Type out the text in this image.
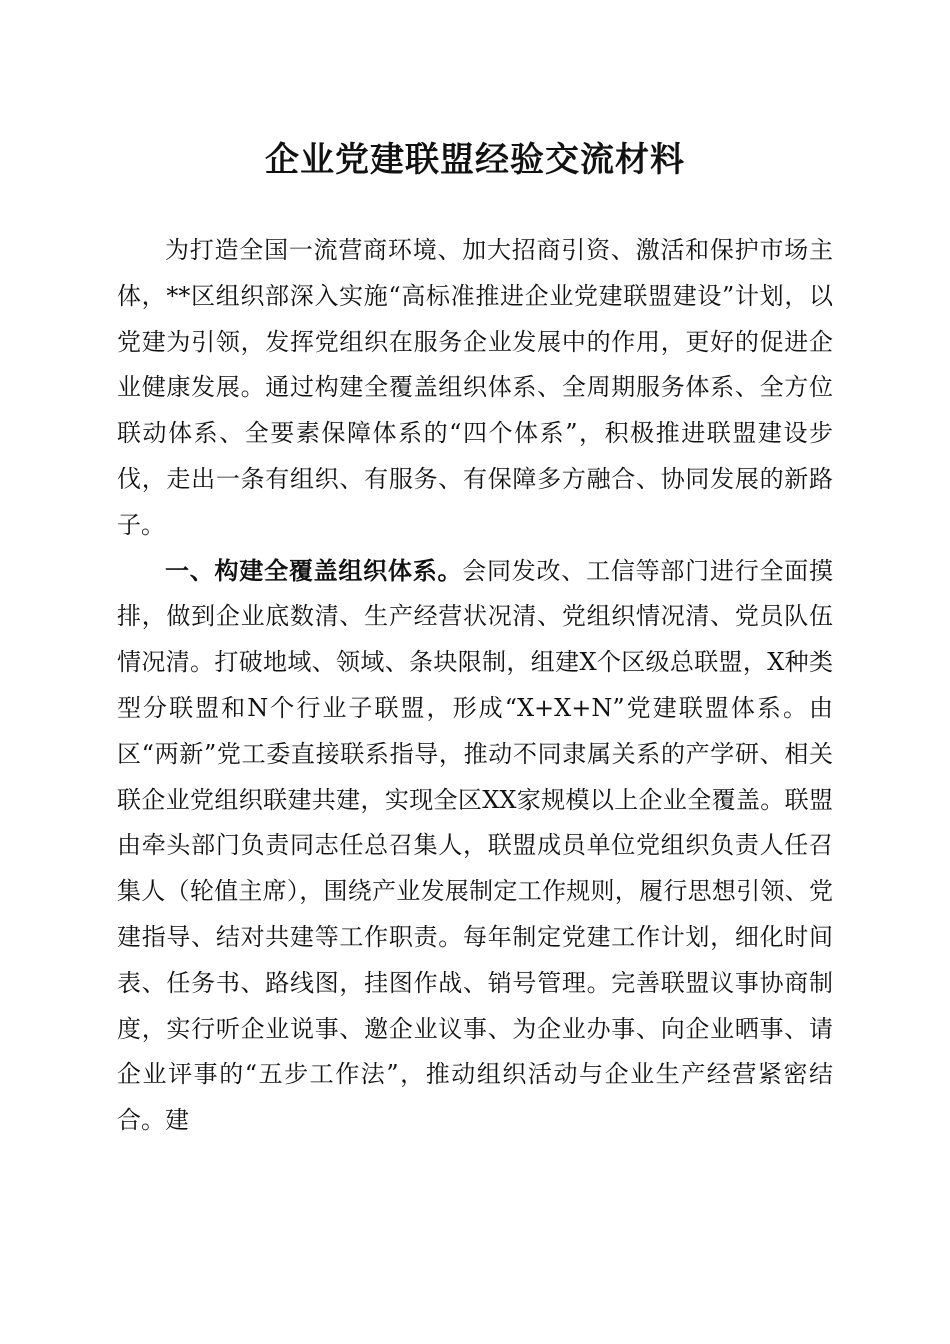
企业党建联盟经验交流材料

为打造全国一流营商环境、加大招商引资、激活和保护市场主体，**区组织部深入实施“高标准推进企业党建联盟建设”计划，以党建为引领，发挥党组织在服务企业发展中的作用，更好的促进企业健康发展。通过构建全覆盖组织体系、全周期服务体系、全方位联动体系、全要素保障体系的“四个体系”，积极推进联盟建设步伐，走出一条有组织、有服务、有保障多方融合、协同发展的新路子。

一、构建全覆盖组织体系。会同发改、工信等部门进行全面摸排，做到企业底数清、生产经营状况清、党组织情况清、党员队伍情况清。打破地域、领域、条块限制，组建X个区级总联盟，X种类型分联盟和N个行业子联盟，形成“X+X+N”党建联盟体系。由区“两新”党工委直接联系指导，推动不同隶属关系的产学研、相关联企业党组织联建共建，实现全区XX家规模以上企业全覆盖。联盟由牵头部门负责同志任总召集人，联盟成员单位党组织负责人任召集人（轮值主席），围绕产业发展制定工作规则，履行思想引领、党建指导、结对共建等工作职责。每年制定党建工作计划，细化时间表、任务书、路线图，挂图作战、销号管理。完善联盟议事协商制度，实行听企业说事、邀企业议事、为企业办事、向企业晒事、请企业评事的“五步工作法”，推动组织活动与企业生产经营紧密结合。建
